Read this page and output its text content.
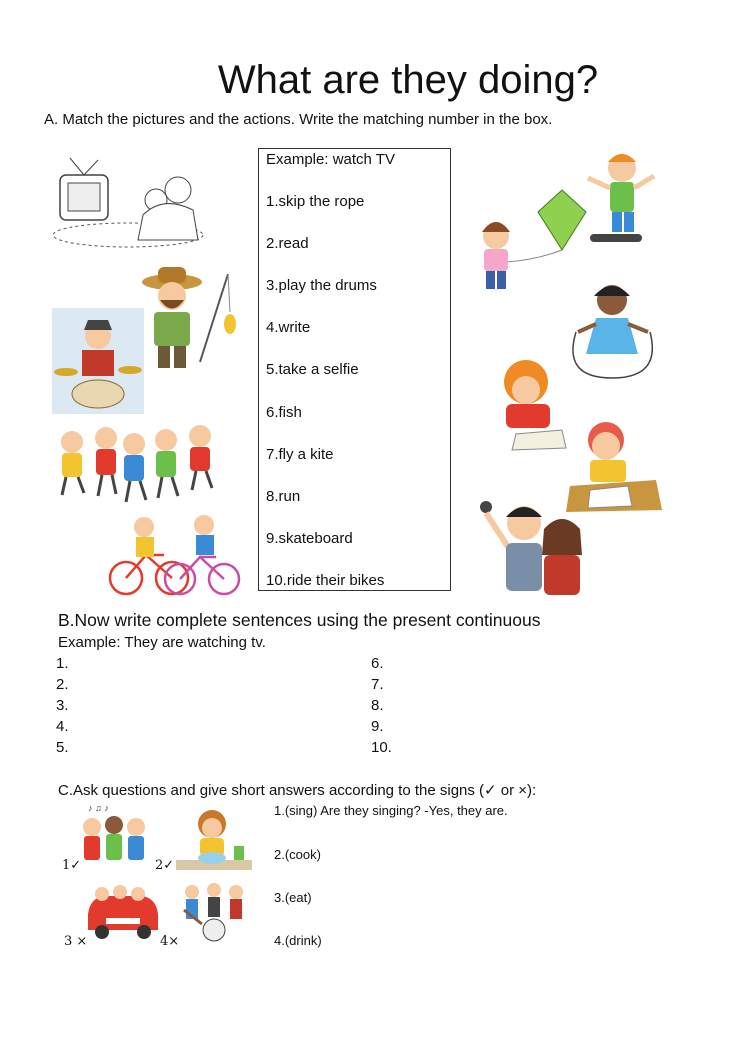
What are they doing?
A. Match the pictures and the actions. Write the matching number in the box.
Example: watch TV
1.skip the rope
2.read
3.play the drums
4.write
5.take a selfie
6.fish
7.fly a kite
8.run
9.skateboard
10.ride their bikes
B.Now write complete sentences using the present continuous
Example: They are watching tv.
1.
2.
3.
4.
5.
6.
7.
8.
9.
10.
C.Ask questions and give short answers according to the signs (✓ or ×):
1.(sing) Are they singing? -Yes, they are.
2.(cook)
3.(eat)
4.(drink)
♪ ♫ ♪
1✓	2✓
3 ×	4×
